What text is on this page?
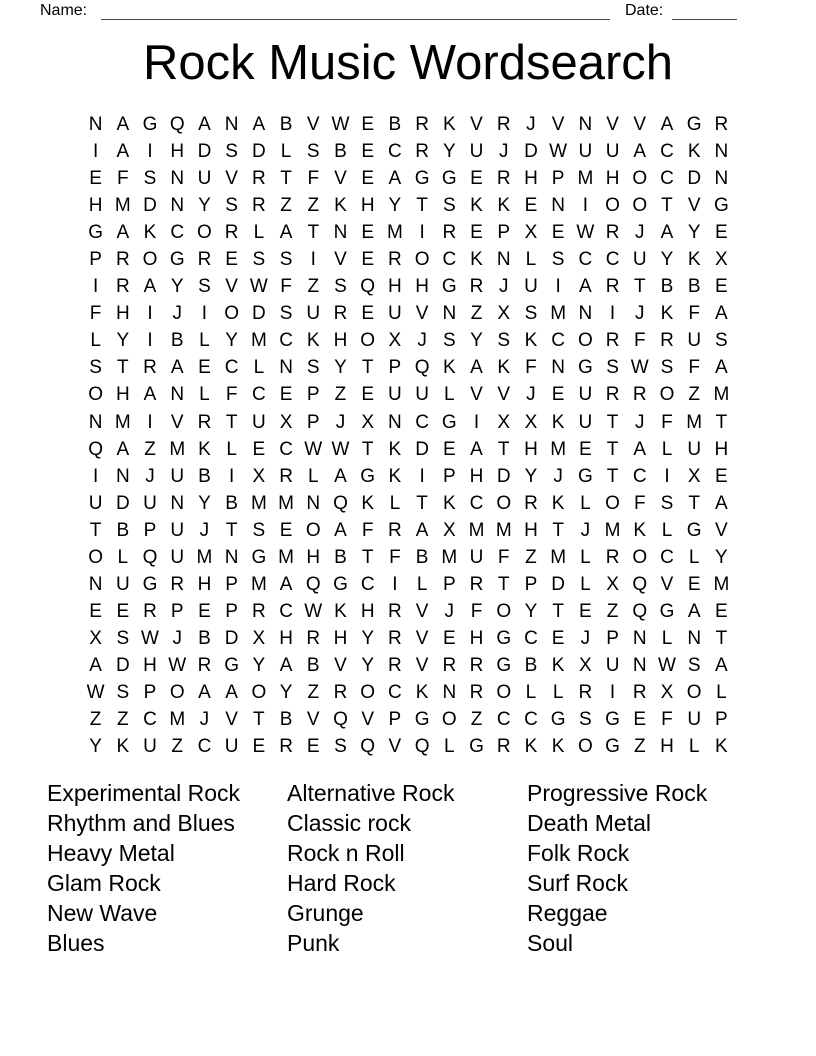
Name:	Date:
Rock Music Wordsearch
N A G Q A N A B V W E B R K V R J V N V V A G R
I A I H D S D L S B E C R Y U J D W U U A C K N
E F S N U V R T F V E A G G E R H P M H O C D N
H M D N Y S R Z Z K H Y T S K K E N I O O T V G
G A K C O R L A T N E M I R E P X E W R J A Y E
P R O G R E S S I V E R O C K N L S C C U Y K X
I R A Y S V W F Z S Q H H G R J U I A R T B B E
F H I	J	I O D S U R E U V N Z X S M N I	J K F A
L Y I B L Y M C K H O X J S Y S K C O R F R U S
S T R A E C L N S Y T P Q K A K F N G S W S F A
O H A N L F C E P Z E U U L V V J E U R R O Z M
N M I V R T U X P J X N C G I X X K U T J F M T
Q A Z M K L E C W W T K D E A T H M E T A L U H
I N J U B I X R L A G K I P H D Y J G T C I X E
U D U N Y B M M N Q K L T K C O R K L O F S T A
T B P U J T S E O A F R A X M M H T J M K L G V
O L Q U M N G M H B T F B M U F Z M L R O C L Y
N U G R H P M A Q G C I	L P R T P D L X Q V E M
E E R P E P R C W K H R V J F O Y T E Z Q G A E
X S W J B D X H R H Y R V E H G C E J P N L N T
A D H W R G Y A B V Y R V R R G B K X U N W S A
W S P O A A O Y Z R O C K N R O L L R I R X O L
Z Z C M J V T B V Q V P G O Z C C G S G E F U P
Y K U Z C U E R E S Q V Q L G R K K O G Z H L K
Experimental Rock
Rhythm and Blues
Heavy Metal
Glam Rock
New Wave
Blues
Alternative Rock
Classic rock
Rock n Roll
Hard Rock
Grunge
Punk
Progressive Rock
Death Metal
Folk Rock
Surf Rock
Reggae
Soul
